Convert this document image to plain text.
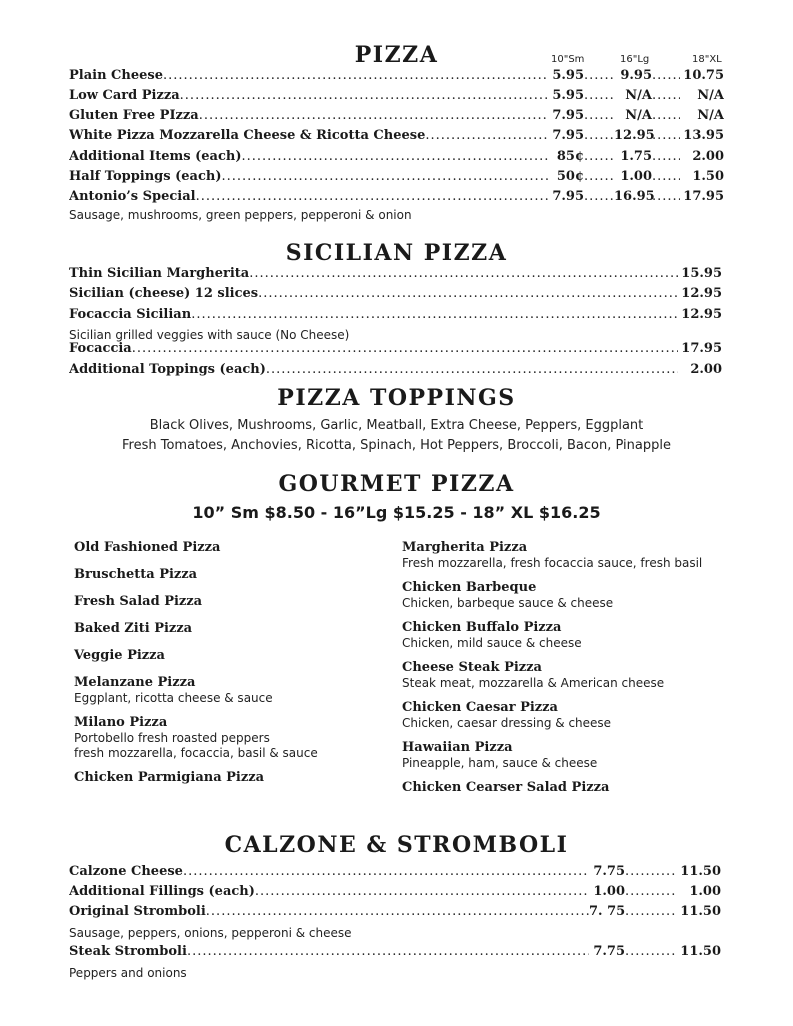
PIZZA	10"Sm	16"Lg	18"XL
Plain Cheese .....	5.95 .....	9.95 ..... 10.75
Low Card Pizza .....	5.95 .....	N/A .....	N/A
Gluten Free PIzza .....	7.95 .....	N/A .....	N/A
White Pizza Mozzarella Cheese & Ricotta Cheese .....	7.95 ..... 12.95 ..... 13.95
Additional Items (each) .....	85¢ .....	1.75 .....	2.00
Half Toppings (each) .....	50¢ .....	1.00 .....	1.50
Antonio’s Special .....	7.95 ..... 16.95 ..... 17.95
Sausage, mushrooms, green peppers, pepperoni & onion
SICILIAN PIZZA
Thin Sicilian Margherita .....	15.95
Sicilian (cheese) 12 slices .....	12.95
Focaccia Sicilian .....	12.95
Focaccia .....	17.95
Additional Toppings (each) .....	2.00
Sicilian grilled veggies with sauce (No Cheese)
PIZZA TOPPINGS
Black Olives, Mushrooms, Garlic, Meatball, Extra Cheese, Peppers, Eggplant
Fresh Tomatoes, Anchovies, Ricotta, Spinach, Hot Peppers, Broccoli, Bacon, Pinapple
GOURMET PIZZA
10” Sm $8.50 - 16”Lg $15.25 - 18” XL $16.25
Old Fashioned Pizza
Bruschetta Pizza
Fresh Salad Pizza
Baked Ziti Pizza
Veggie Pizza
Melanzane Pizza
Eggplant, ricotta cheese & sauce
Milano Pizza
Portobello fresh roasted peppers
fresh mozzarella, focaccia, basil & sauce
Chicken Parmigiana Pizza
Margherita Pizza
Fresh mozzarella, fresh focaccia sauce, fresh basil
Chicken Barbeque
Chicken, barbeque sauce & cheese
Chicken Buffalo Pizza
Chicken, mild sauce & cheese
Cheese Steak Pizza
Steak meat, mozzarella & American cheese
Chicken Caesar Pizza
Chicken, caesar dressing & cheese
Hawaiian Pizza
Pineapple, ham, sauce & cheese
Chicken Cearser Salad Pizza
CALZONE & STROMBOLI
Calzone Cheese .....	7.75 .....	11.50
Additional Fillings (each) .....	1.00 .....	1.00
Original Stromboli .....	7. 75 .....	11.50
Steak Stromboli .....	7.75 .....	11.50
Sausage, peppers, onions, pepperoni & cheese
Peppers and onions
